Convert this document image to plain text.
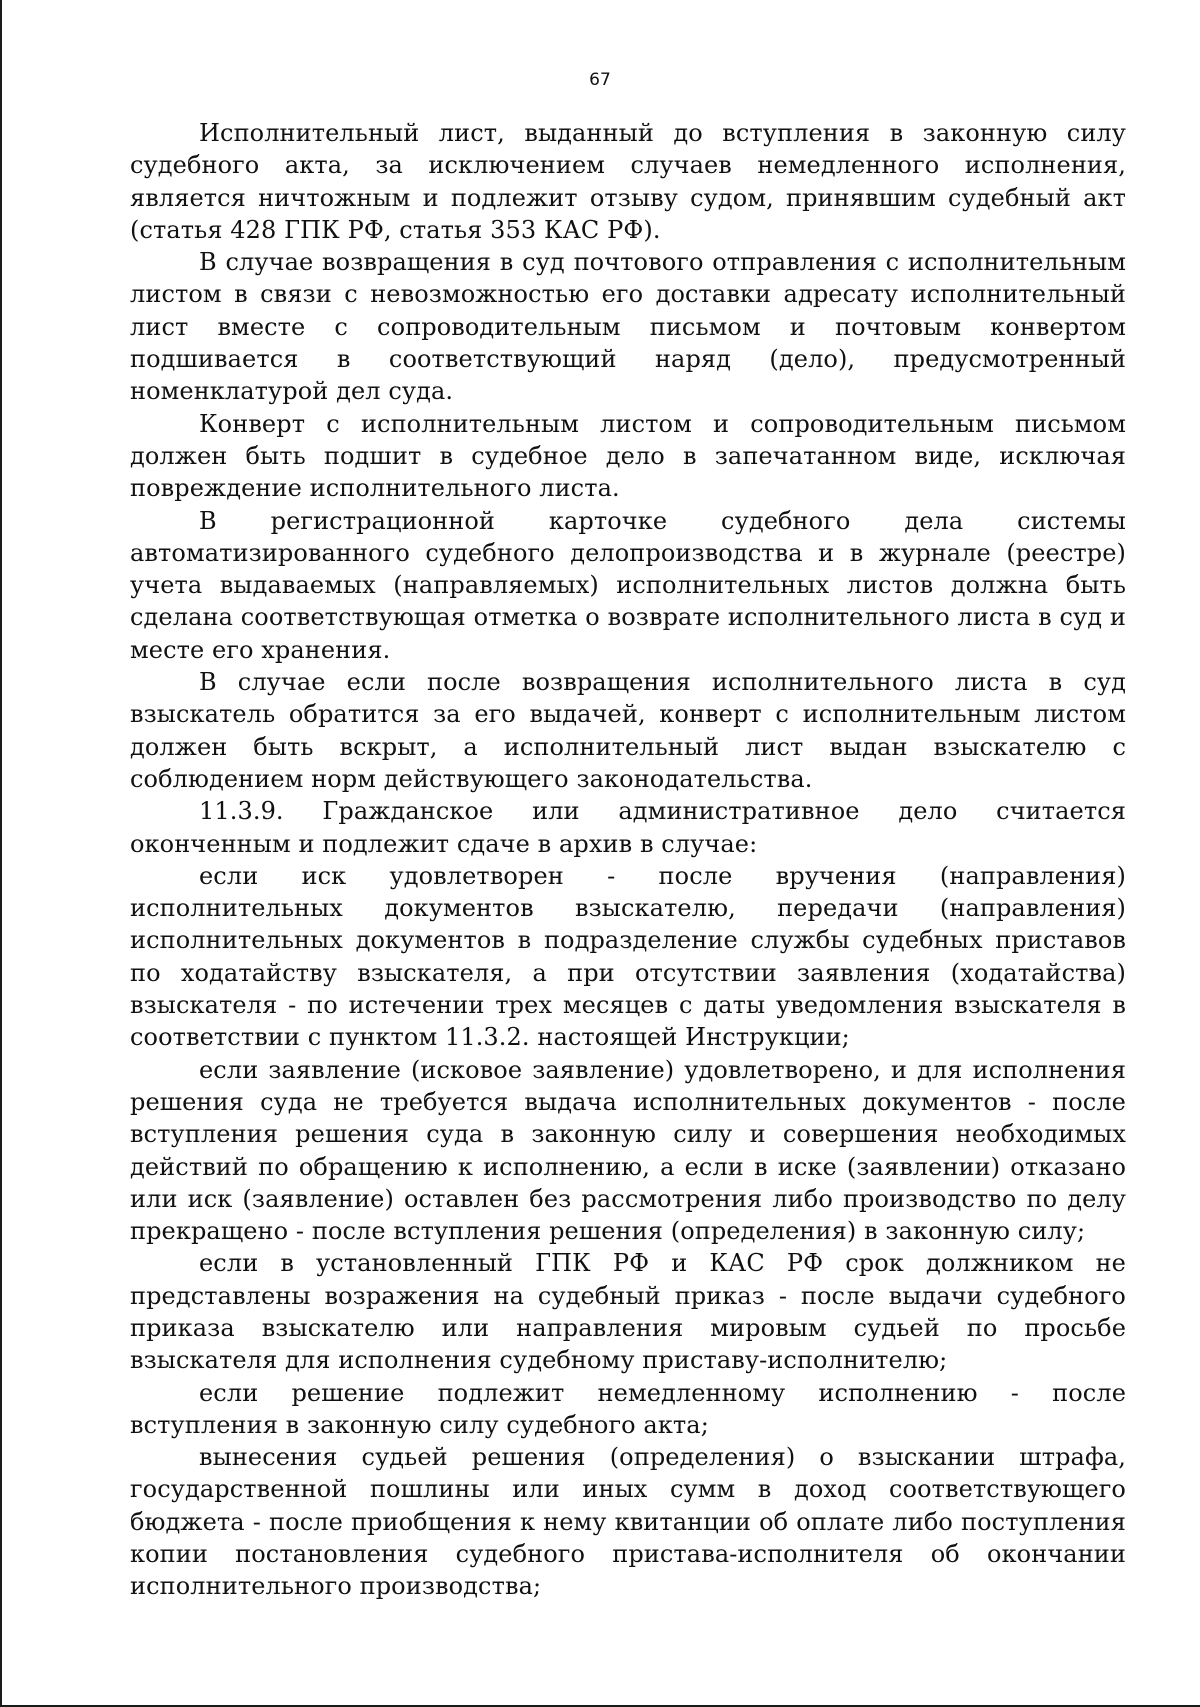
67

Исполнительный лист, выданный до вступления в законную силу судебного акта, за исключением случаев немедленного исполнения, является ничтожным и подлежит отзыву судом, принявшим судебный акт (статья 428 ГПК РФ, статья 353 КАС РФ).

В случае возвращения в суд почтового отправления с исполнительным листом в связи с невозможностью его доставки адресату исполнительный лист вместе с сопроводительным письмом и почтовым конвертом подшивается в соответствующий наряд (дело), предусмотренный номенклатурой дел суда.

Конверт с исполнительным листом и сопроводительным письмом должен быть подшит в судебное дело в запечатанном виде, исключая повреждение исполнительного листа.

В регистрационной карточке судебного дела системы автоматизированного судебного делопроизводства и в журнале (реестре) учета выдаваемых (направляемых) исполнительных листов должна быть сделана соответствующая отметка о возврате исполнительного листа в суд и месте его хранения.

В случае если после возвращения исполнительного листа в суд взыскатель обратится за его выдачей, конверт с исполнительным листом должен быть вскрыт, а исполнительный лист выдан взыскателю с соблюдением норм действующего законодательства.

11.3.9. Гражданское или административное дело считается оконченным и подлежит сдаче в архив в случае:

если иск удовлетворен - после вручения (направления) исполнительных документов взыскателю, передачи (направления) исполнительных документов в подразделение службы судебных приставов по ходатайству взыскателя, а при отсутствии заявления (ходатайства) взыскателя - по истечении трех месяцев с даты уведомления взыскателя в соответствии с пунктом 11.3.2. настоящей Инструкции;

если заявление (исковое заявление) удовлетворено, и для исполнения решения суда не требуется выдача исполнительных документов - после вступления решения суда в законную силу и совершения необходимых действий по обращению к исполнению, а если в иске (заявлении) отказано или иск (заявление) оставлен без рассмотрения либо производство по делу прекращено - после вступления решения (определения) в законную силу;

если в установленный ГПК РФ и КАС РФ срок должником не представлены возражения на судебный приказ - после выдачи судебного приказа взыскателю или направления мировым судьей по просьбе взыскателя для исполнения судебному приставу-исполнителю;

если решение подлежит немедленному исполнению - после вступления в законную силу судебного акта;

вынесения судьей решения (определения) о взыскании штрафа, государственной пошлины или иных сумм в доход соответствующего бюджета - после приобщения к нему квитанции об оплате либо поступления копии постановления судебного пристава-исполнителя об окончании исполнительного производства;
